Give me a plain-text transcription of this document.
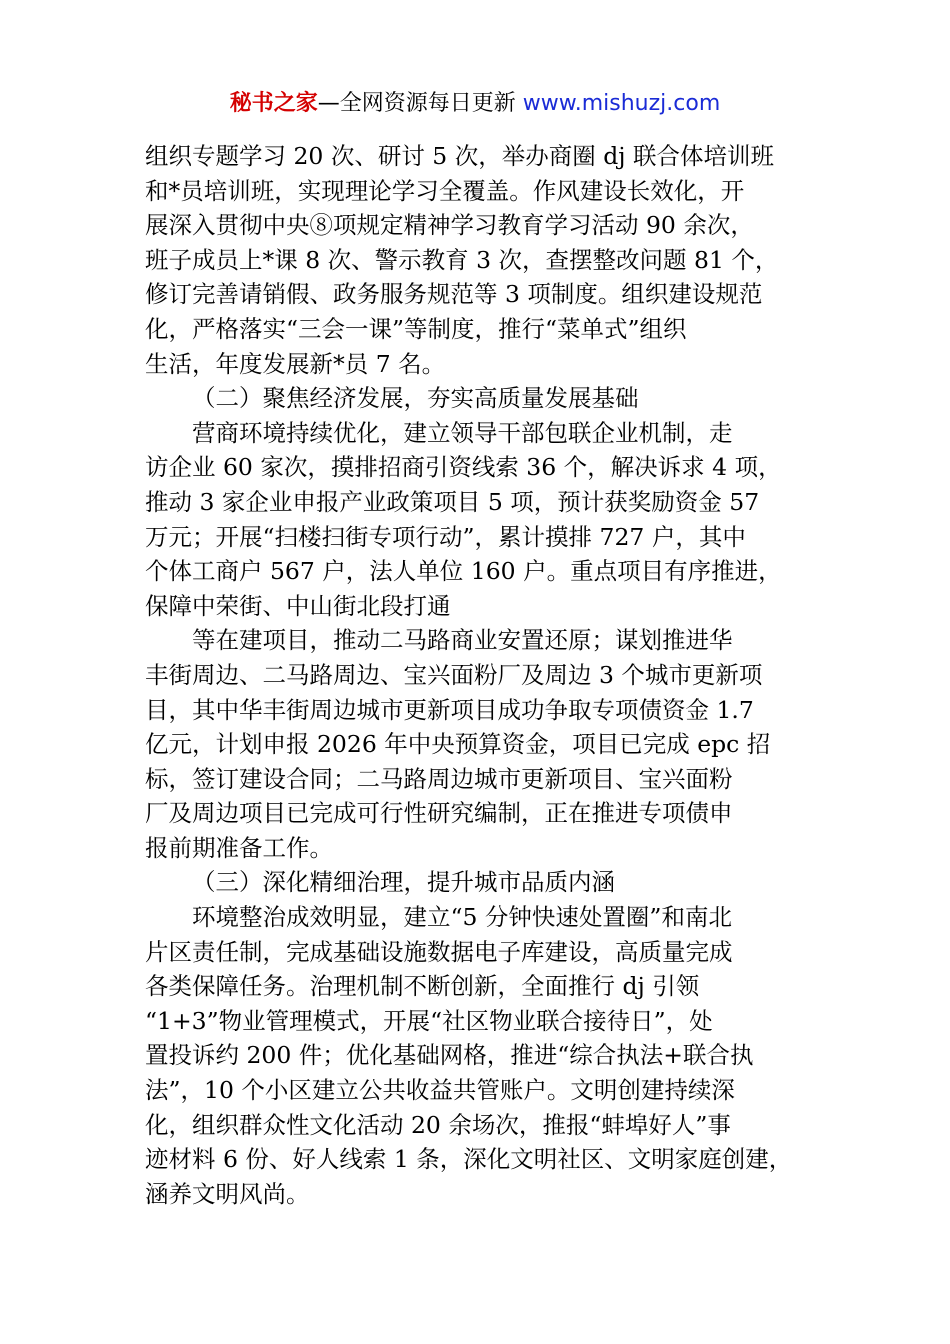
秘书之家—全网资源每日更新 www.mishuzj.com
组织专题学习 20 次、研讨 5 次，举办商圈 dj 联合体培训班
和*员培训班，实现理论学习全覆盖。作风建设长效化，开
展深入贯彻中央⑧项规定精神学习教育学习活动 90 余次，
班子成员上*课 8 次、警示教育 3 次，查摆整改问题 81 个，
修订完善请销假、政务服务规范等 3 项制度。组织建设规范
化，严格落实“三会一课”等制度，推行“菜单式”组织
生活，年度发展新*员 7 名。
（二）聚焦经济发展，夯实高质量发展基础
营商环境持续优化，建立领导干部包联企业机制，走
访企业 60 家次，摸排招商引资线索 36 个，解决诉求 4 项，
推动 3 家企业申报产业政策项目 5 项，预计获奖励资金 57
万元；开展“扫楼扫街专项行动”，累计摸排 727 户，其中
个体工商户 567 户，法人单位 160 户。重点项目有序推进，
保障中荣街、中山街北段打通
等在建项目，推动二马路商业安置还原；谋划推进华
丰街周边、二马路周边、宝兴面粉厂及周边 3 个城市更新项
目，其中华丰街周边城市更新项目成功争取专项债资金 1.7
亿元，计划申报 2026 年中央预算资金，项目已完成 epc 招
标，签订建设合同；二马路周边城市更新项目、宝兴面粉
厂及周边项目已完成可行性研究编制，正在推进专项债申
报前期准备工作。
（三）深化精细治理，提升城市品质内涵
环境整治成效明显，建立“5 分钟快速处置圈”和南北
片区责任制，完成基础设施数据电子库建设，高质量完成
各类保障任务。治理机制不断创新，全面推行 dj 引领
“1+3”物业管理模式，开展“社区物业联合接待日”，处
置投诉约 200 件；优化基础网格，推进“综合执法+联合执
法”，10 个小区建立公共收益共管账户。文明创建持续深
化，组织群众性文化活动 20 余场次，推报“蚌埠好人”事
迹材料 6 份、好人线索 1 条，深化文明社区、文明家庭创建，
涵养文明风尚。
